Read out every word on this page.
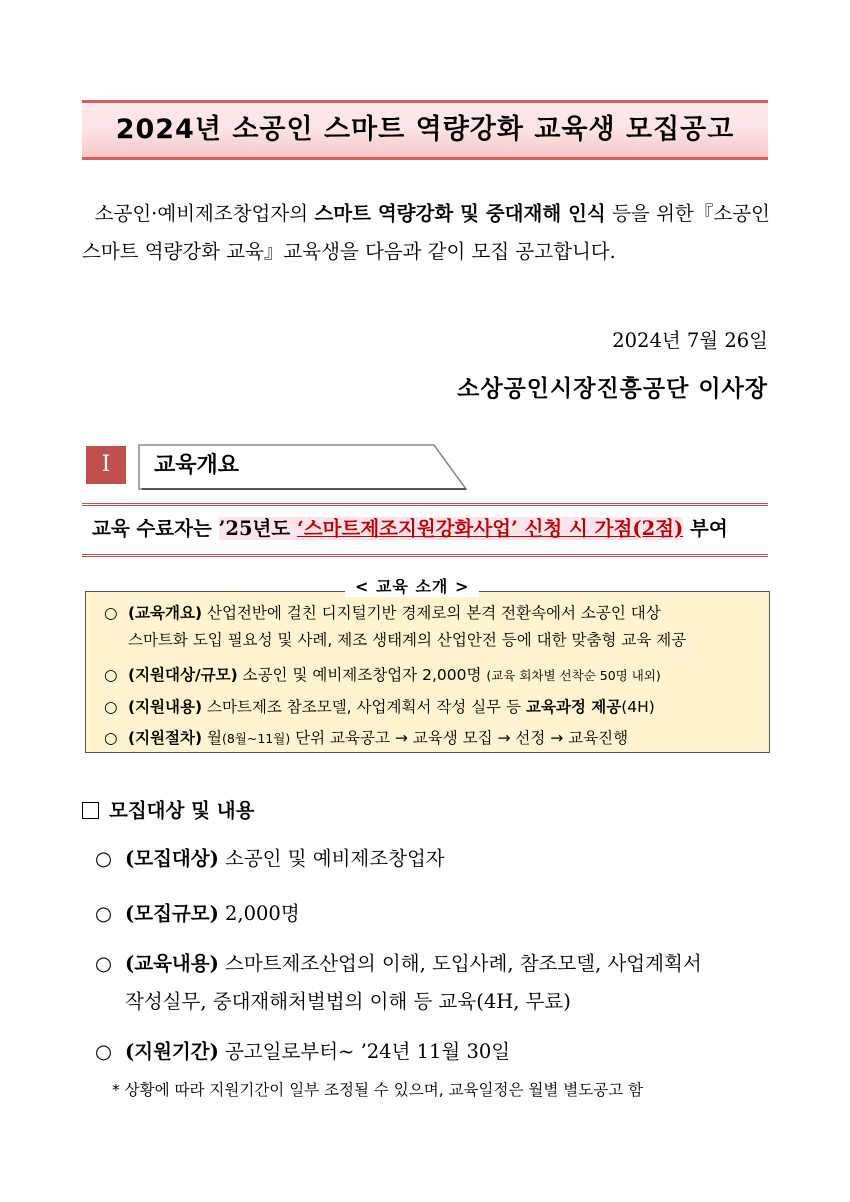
2024년 소공인 스마트 역량강화 교육생 모집공고
소공인·예비제조창업자의 스마트 역량강화 및 중대재해 인식 등을 위한『소공인 스마트 역량강화 교육』교육생을 다음과 같이 모집 공고합니다.
2024년 7월 26일
소상공인시장진흥공단 이사장
Ⅰ	교육개요
교육 수료자는 ’25년도 ‘스마트제조지원강화사업’ 신청 시 가점(2점) 부여
○ (교육개요) 산업전반에 걸친 디지털기반 경제로의 본격 전환속에서 소공인 대상
스마트화 도입 필요성 및 사례, 제조 생태계의 산업안전 등에 대한 맞춤형 교육 제공
○ (지원대상/규모) 소공인 및 예비제조창업자 2,000명 (교육 회차별 선착순 50명 내외)
○ (지원내용) 스마트제조 참조모델, 사업계획서 작성 실무 등 교육과정 제공(4H)
○ (지원절차) 월(8월~11월) 단위 교육공고 → 교육생 모집 → 선정 → 교육진행
< 교육 소개 >
모집대상 및 내용
○ (모집대상) 소공인 및 예비제조창업자
○ (모집규모) 2,000명
○ (교육내용) 스마트제조산업의 이해, 도입사례, 참조모델, 사업계획서
작성실무, 중대재해처벌법의 이해 등 교육(4H, 무료)
○ (지원기간) 공고일로부터~ ’24년 11월 30일
* 상황에 따라 지원기간이 일부 조정될 수 있으며, 교육일정은 월별 별도공고 함
